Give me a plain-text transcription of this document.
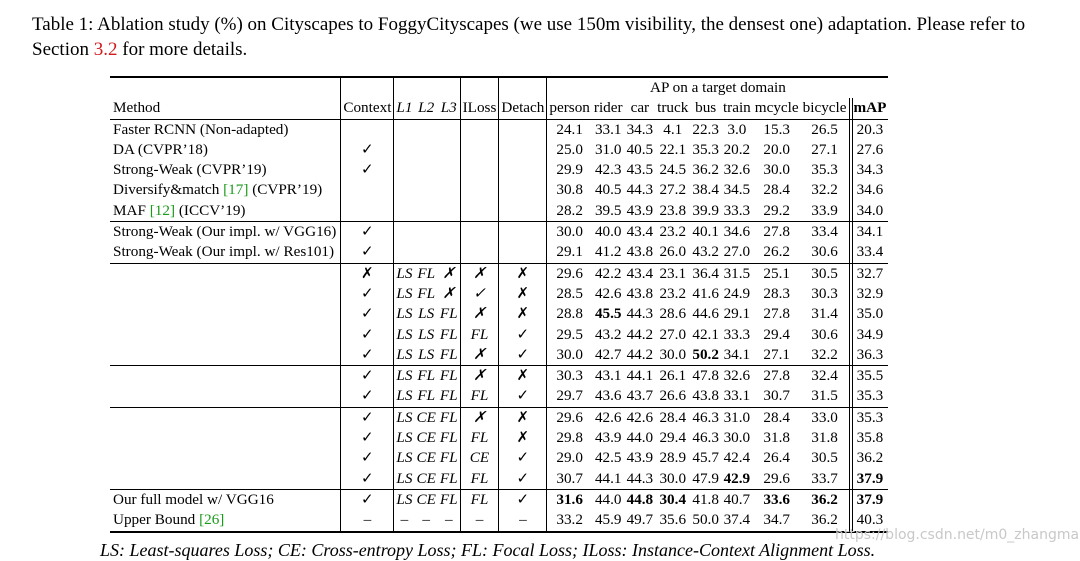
Table 1: Ablation study (%) on Cityscapes to FoggyCityscapes (we use 150m visibility, the densest one) adaptation. Please refer to Section 3.2 for more details.
							AP on a target domain								
Method	Context	L1	L2	L3	ILoss	Detach	person	rider	car	truck	bus	train	mcycle	bicycle	mAP
Faster RCNN (Non-adapted)							24.1	33.1	34.3	4.1	22.3	3.0	15.3	26.5	20.3
DA (CVPR’18)	✓						25.0	31.0	40.5	22.1	35.3	20.2	20.0	27.1	27.6
Strong-Weak (CVPR’19)	✓						29.9	42.3	43.5	24.5	36.2	32.6	30.0	35.3	34.3
Diversify&match [17] (CVPR’19)							30.8	40.5	44.3	27.2	38.4	34.5	28.4	32.2	34.6
MAF [12] (ICCV’19)							28.2	39.5	43.9	23.8	39.9	33.3	29.2	33.9	34.0
Strong-Weak (Our impl. w/ VGG16)	✓						30.0	40.0	43.4	23.2	40.1	34.6	27.8	33.4	34.1
Strong-Weak (Our impl. w/ Res101)	✓						29.1	41.2	43.8	26.0	43.2	27.0	26.2	30.6	33.4
	✗	LS	FL	✗	✗	✗	29.6	42.2	43.4	23.1	36.4	31.5	25.1	30.5	32.7
	✓	LS	FL	✗	✓	✗	28.5	42.6	43.8	23.2	41.6	24.9	28.3	30.3	32.9
	✓	LS	LS	FL	✗	✗	28.8	45.5	44.3	28.6	44.6	29.1	27.8	31.4	35.0
	✓	LS	LS	FL	FL	✓	29.5	43.2	44.2	27.0	42.1	33.3	29.4	30.6	34.9
	✓	LS	LS	FL	✗	✓	30.0	42.7	44.2	30.0	50.2	34.1	27.1	32.2	36.3
	✓	LS	FL	FL	✗	✗	30.3	43.1	44.1	26.1	47.8	32.6	27.8	32.4	35.5
	✓	LS	FL	FL	FL	✓	29.7	43.6	43.7	26.6	43.8	33.1	30.7	31.5	35.3
	✓	LS	CE	FL	✗	✗	29.6	42.6	42.6	28.4	46.3	31.0	28.4	33.0	35.3
	✓	LS	CE	FL	FL	✗	29.8	43.9	44.0	29.4	46.3	30.0	31.8	31.8	35.8
	✓	LS	CE	FL	CE	✓	29.0	42.5	43.9	28.9	45.7	42.4	26.4	30.5	36.2
	✓	LS	CE	FL	FL	✓	30.7	44.1	44.3	30.0	47.9	42.9	29.6	33.7	37.9
Our full model w/ VGG16	✓	LS	CE	FL	FL	✓	31.6	44.0	44.8	30.4	41.8	40.7	33.6	36.2	37.9
Upper Bound [26]	–	–	–	–	–	–	33.2	45.9	49.7	35.6	50.0	37.4	34.7	36.2	40.3
LS: Least-squares Loss; CE: Cross-entropy Loss; FL: Focal Loss; ILoss: Instance-Context Alignment Loss.
https://blog.csdn.net/m0_zhangma
